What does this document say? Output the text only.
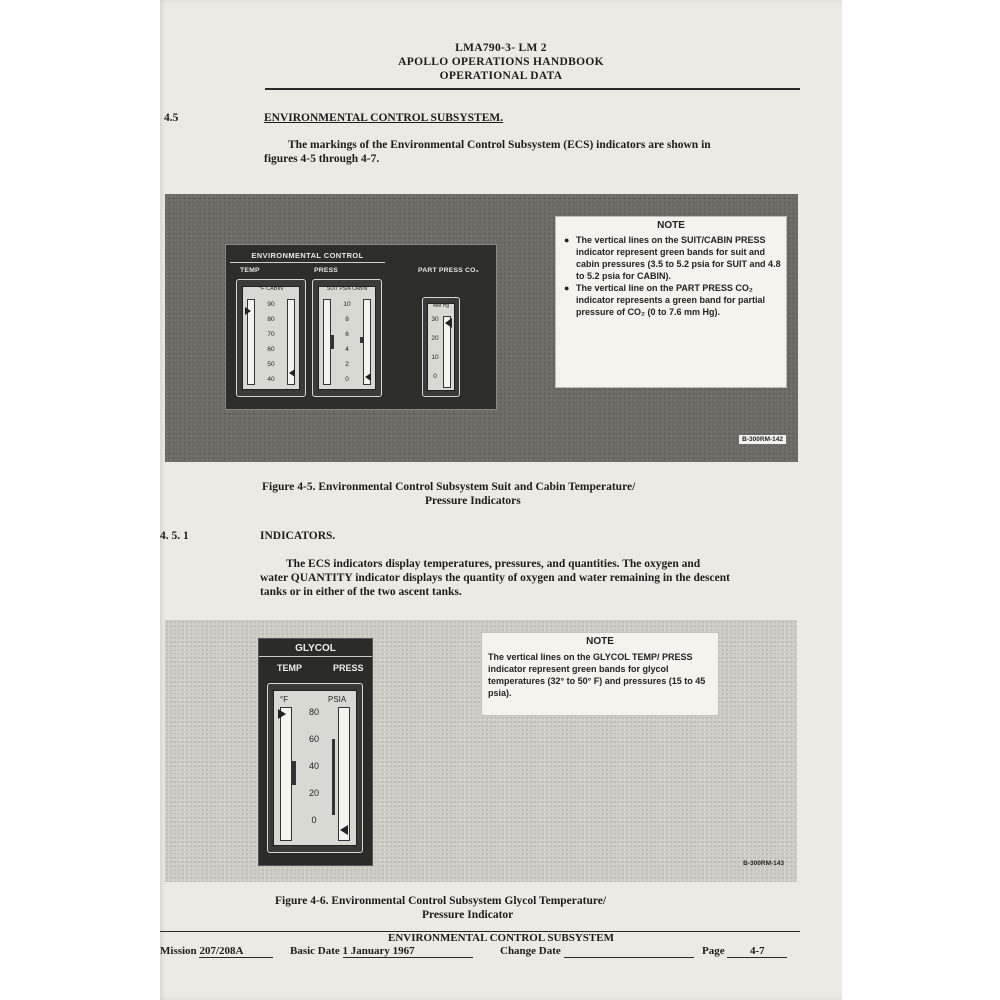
LMA790-3- LM 2
APOLLO OPERATIONS HANDBOOK
OPERATIONAL DATA
4.5	ENVIRONMENTAL CONTROL SUBSYSTEM.
The markings of the Environmental Control Subsystem (ECS) indicators are shown in
figures 4-5 through 4-7.
ENVIRONMENTAL CONTROL
TEMP	PRESS	PART PRESS CO₂
°F CABIN
90
80
70
60
50
40
SUIT PSIA CABIN
10
8
6
4
2
0
MM Hg
30
20
10
0
NOTE
● The vertical lines on the SUIT/CABIN PRESS indicator represent green bands for suit and cabin pressures (3.5 to 5.2 psia for SUIT and 4.8 to 5.2 psia for CABIN).
● The vertical line on the PART PRESS CO₂ indicator represents a green band for partial pressure of CO₂ (0 to 7.6 mm Hg).
B-300RM-142
Figure 4-5. Environmental Control Subsystem Suit and Cabin Temperature/
Pressure Indicators
4. 5. 1	INDICATORS.
The ECS indicators display temperatures, pressures, and quantities. The oxygen and
water QUANTITY indicator displays the quantity of oxygen and water remaining in the descent
tanks or in either of the two ascent tanks.
GLYCOL
TEMP	PRESS
°F	PSIA
80
60
40
20
0
NOTE
The vertical lines on the GLYCOL TEMP/ PRESS indicator represent green bands for glycol temperatures (32° to 50° F) and pressures (15 to 45 psia).
B-300RM-143
Figure 4-6. Environmental Control Subsystem Glycol Temperature/
Pressure Indicator
ENVIRONMENTAL CONTROL SUBSYSTEM
Mission 207/208A	Basic Date 1 January 1967	Change Date	Page 4-7
